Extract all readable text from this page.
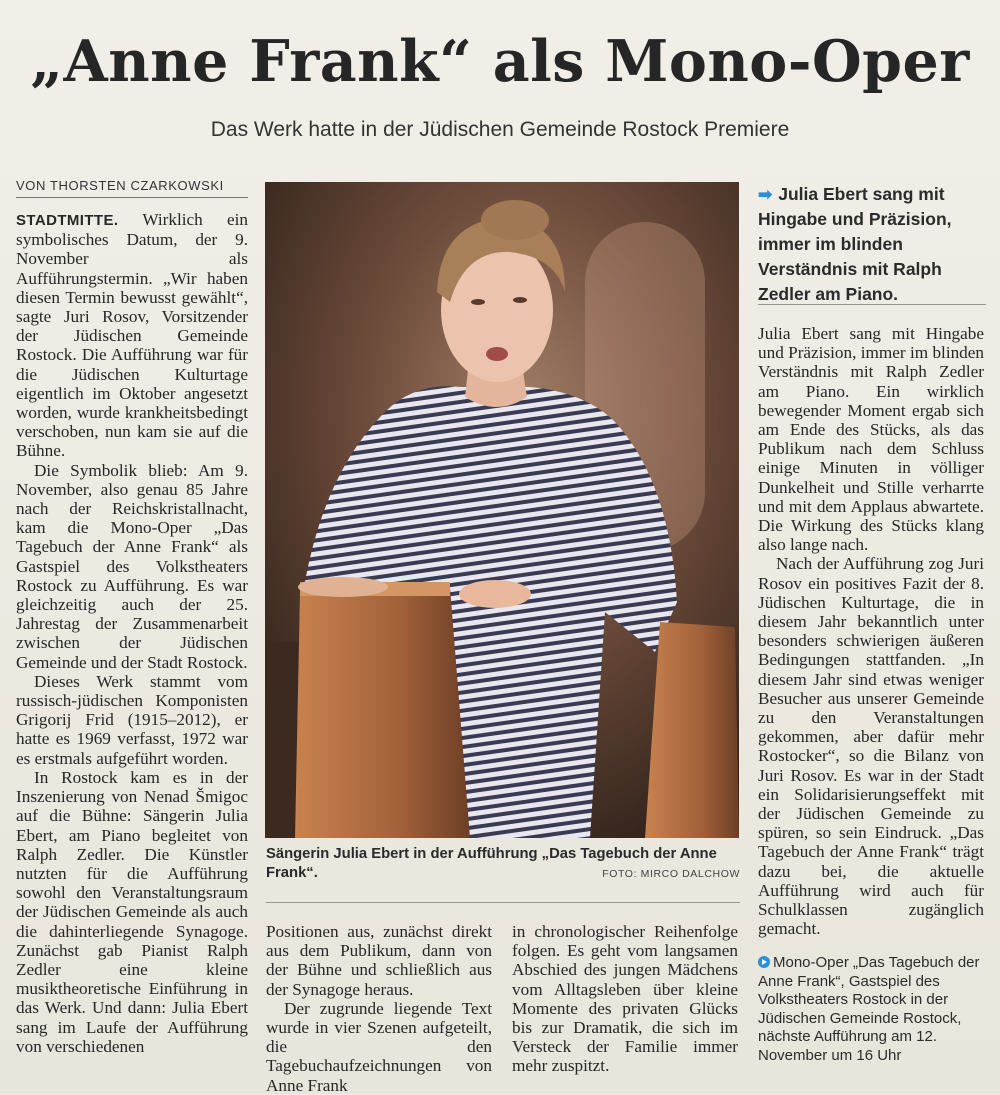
„Anne Frank“ als Mono-Oper
Das Werk hatte in der Jüdischen Gemeinde Rostock Premiere
VON THORSTEN CZARKOWSKI

STADTMITTE. Wirklich ein symbolisches Datum, der 9. November als Aufführungstermin. „Wir haben diesen Termin bewusst gewählt“, sagte Juri Rosov, Vorsitzender der Jüdischen Gemeinde Rostock. Die Aufführung war für die Jüdischen Kulturtage eigentlich im Oktober angesetzt worden, wurde krankheitsbedingt verschoben, nun kam sie auf die Bühne.

Die Symbolik blieb: Am 9. November, also genau 85 Jahre nach der Reichskristallnacht, kam die Mono-Oper „Das Tagebuch der Anne Frank“ als Gastspiel des Volkstheaters Rostock zu Aufführung. Es war gleichzeitig auch der 25. Jahrestag der Zusammenarbeit zwischen der Jüdischen Gemeinde und der Stadt Rostock.

Dieses Werk stammt vom russisch-jüdischen Komponisten Grigorij Frid (1915–2012), er hatte es 1969 verfasst, 1972 war es erstmals aufgeführt worden.

In Rostock kam es in der Inszenierung von Nenad Šmigoc auf die Bühne: Sängerin Julia Ebert, am Piano begleitet von Ralph Zedler. Die Künstler nutzten für die Aufführung sowohl den Veranstaltungsraum der Jüdischen Gemeinde als auch die dahinterliegende Synagoge. Zunächst gab Pianist Ralph Zedler eine kleine musiktheoretische Einführung in das Werk. Und dann: Julia Ebert sang im Laufe der Aufführung von verschiedenen

Sängerin Julia Ebert in der Aufführung „Das Tagebuch der Anne Frank“.	FOTO: MIRCO DALCHOW

Positionen aus, zunächst direkt aus dem Publikum, dann von der Bühne und schließlich aus der Synagoge heraus.

Der zugrunde liegende Text wurde in vier Szenen aufgeteilt, die den Tagebuchaufzeichnungen von Anne Frank

in chronologischer Reihenfolge folgen. Es geht vom langsamen Abschied des jungen Mädchens vom Alltagsleben über kleine Momente des privaten Glücks bis zur Dramatik, die sich im Versteck der Familie immer mehr zuspitzt.

➡ Julia Ebert sang mit Hingabe und Präzision, immer im blinden Verständnis mit Ralph Zedler am Piano.

Julia Ebert sang mit Hingabe und Präzision, immer im blinden Verständnis mit Ralph Zedler am Piano. Ein wirklich bewegender Moment ergab sich am Ende des Stücks, als das Publikum nach dem Schluss einige Minuten in völliger Dunkelheit und Stille verharrte und mit dem Applaus abwartete. Die Wirkung des Stücks klang also lange nach.

Nach der Aufführung zog Juri Rosov ein positives Fazit der 8. Jüdischen Kulturtage, die in diesem Jahr bekanntlich unter besonders schwierigen äußeren Bedingungen stattfanden. „In diesem Jahr sind etwas weniger Besucher aus unserer Gemeinde zu den Veranstaltungen gekommen, aber dafür mehr Rostocker“, so die Bilanz von Juri Rosov. Es war in der Stadt ein Solidarisierungseffekt mit der Jüdischen Gemeinde zu spüren, so sein Eindruck. „Das Tagebuch der Anne Frank“ trägt dazu bei, die aktuelle Aufführung wird auch für Schulklassen zugänglich gemacht.

Mono-Oper „Das Tagebuch der Anne Frank“, Gastspiel des Volkstheaters Rostock in der Jüdischen Gemeinde Rostock, nächste Aufführung am 12. November um 16 Uhr
